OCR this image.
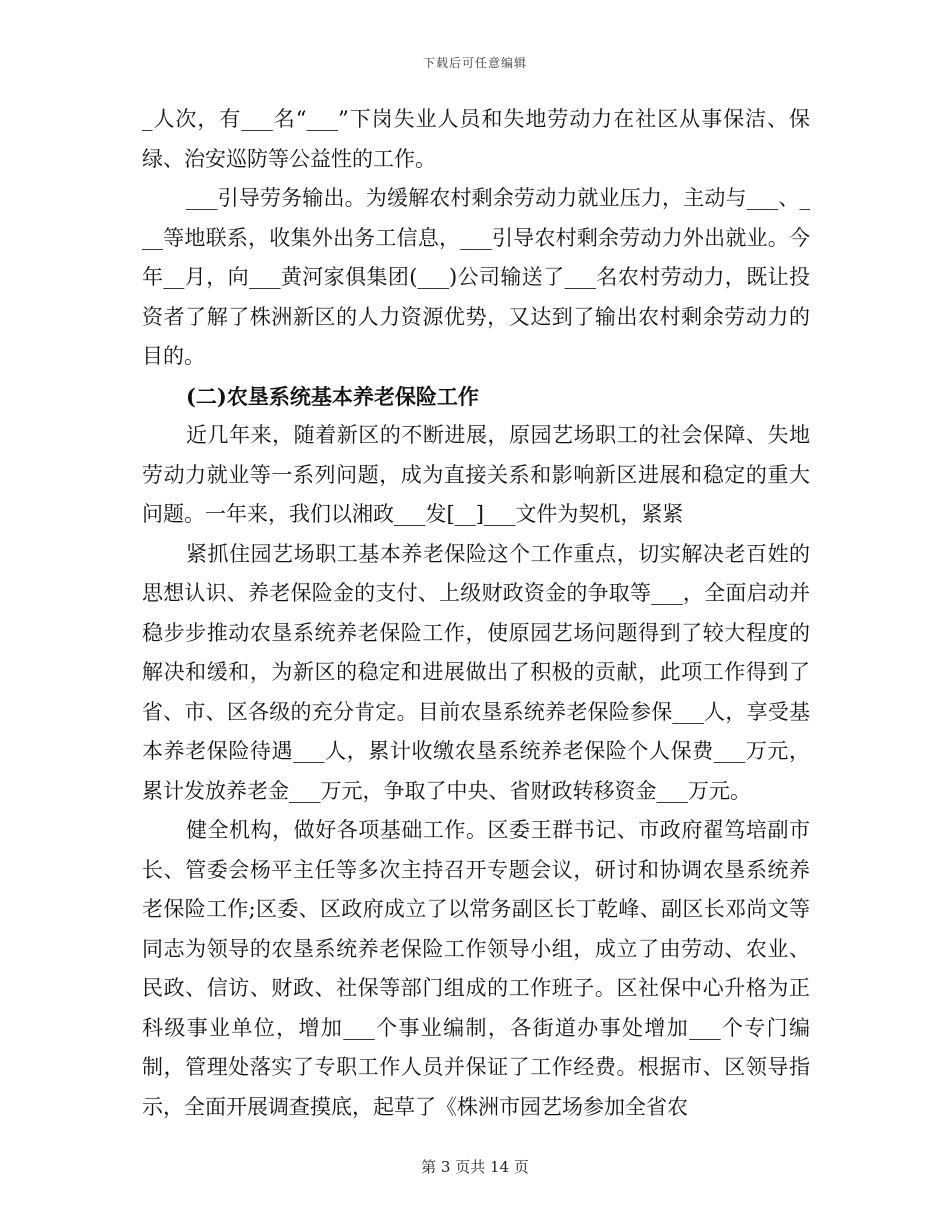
下载后可任意编辑

_人次，有___名“___”下岗失业人员和失地劳动力在社区从事保洁、保绿、治安巡防等公益性的工作。

___引导劳务输出。为缓解农村剩余劳动力就业压力，主动与___、___等地联系，收集外出务工信息，___引导农村剩余劳动力外出就业。今年__月，向___黄河家俱集团(___)公司输送了___名农村劳动力，既让投资者了解了株洲新区的人力资源优势，又达到了输出农村剩余劳动力的目的。

(二)农垦系统基本养老保险工作

近几年来，随着新区的不断进展，原园艺场职工的社会保障、失地劳动力就业等一系列问题，成为直接关系和影响新区进展和稳定的重大问题。一年来，我们以湘政___发[__]___文件为契机，紧紧

紧抓住园艺场职工基本养老保险这个工作重点，切实解决老百姓的思想认识、养老保险金的支付、上级财政资金的争取等___，全面启动并稳步步推动农垦系统养老保险工作，使原园艺场问题得到了较大程度的解决和缓和，为新区的稳定和进展做出了积极的贡献，此项工作得到了省、市、区各级的充分肯定。目前农垦系统养老保险参保___人，享受基本养老保险待遇___人，累计收缴农垦系统养老保险个人保费___万元，累计发放养老金___万元，争取了中央、省财政转移资金___万元。

健全机构，做好各项基础工作。区委王群书记、市政府翟笃培副市长、管委会杨平主任等多次主持召开专题会议，研讨和协调农垦系统养老保险工作;区委、区政府成立了以常务副区长丁乾峰、副区长邓尚文等同志为领导的农垦系统养老保险工作领导小组，成立了由劳动、农业、民政、信访、财政、社保等部门组成的工作班子。区社保中心升格为正科级事业单位，增加___个事业编制，各街道办事处增加___个专门编制，管理处落实了专职工作人员并保证了工作经费。根据市、区领导指示，全面开展调查摸底，起草了《株洲市园艺场参加全省农

第 3 页共 14 页
